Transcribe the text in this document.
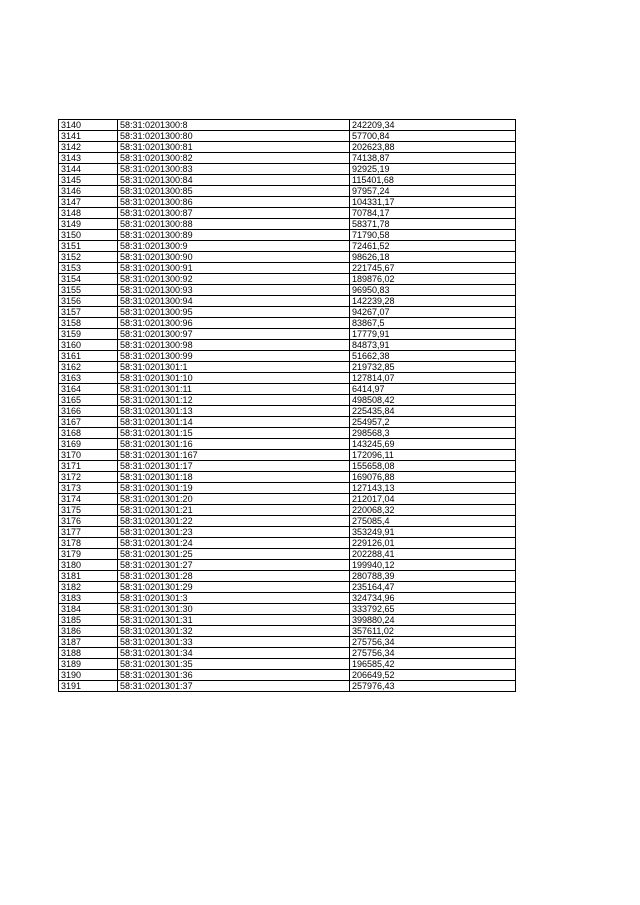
3140	58:31:0201300:8	242209,34
3141	58:31:0201300:80	57700,84
3142	58:31:0201300:81	202623,88
3143	58:31:0201300:82	74138,87
3144	58:31:0201300:83	92925,19
3145	58:31:0201300:84	115401,68
3146	58:31:0201300:85	97957,24
3147	58:31:0201300:86	104331,17
3148	58:31:0201300:87	70784,17
3149	58:31:0201300:88	58371,78
3150	58:31:0201300:89	71790,58
3151	58:31:0201300:9	72461,52
3152	58:31:0201300:90	98626,18
3153	58:31:0201300:91	221745,67
3154	58:31:0201300:92	189876,02
3155	58:31:0201300:93	96950,83
3156	58:31:0201300:94	142239,28
3157	58:31:0201300:95	94267,07
3158	58:31:0201300:96	83867,5
3159	58:31:0201300:97	17779,91
3160	58:31:0201300:98	84873,91
3161	58:31:0201300:99	51662,38
3162	58:31:0201301:1	219732,85
3163	58:31:0201301:10	127814,07
3164	58:31:0201301:11	6414,97
3165	58:31:0201301:12	498508,42
3166	58:31:0201301:13	225435,84
3167	58:31:0201301:14	254957,2
3168	58:31:0201301:15	298568,3
3169	58:31:0201301:16	143245,69
3170	58:31:0201301:167	172096,11
3171	58:31:0201301:17	155658,08
3172	58:31:0201301:18	169076,88
3173	58:31:0201301:19	127143,13
3174	58:31:0201301:20	212017,04
3175	58:31:0201301:21	220068,32
3176	58:31:0201301:22	275085,4
3177	58:31:0201301:23	353249,91
3178	58:31:0201301:24	229126,01
3179	58:31:0201301:25	202288,41
3180	58:31:0201301:27	199940,12
3181	58:31:0201301:28	280788,39
3182	58:31:0201301:29	235164,47
3183	58:31:0201301:3	324734,96
3184	58:31:0201301:30	333792,65
3185	58:31:0201301:31	399880,24
3186	58:31:0201301:32	357611,02
3187	58:31:0201301:33	275756,34
3188	58:31:0201301:34	275756,34
3189	58:31:0201301:35	196585,42
3190	58:31:0201301:36	206649,52
3191	58:31:0201301:37	257976,43
